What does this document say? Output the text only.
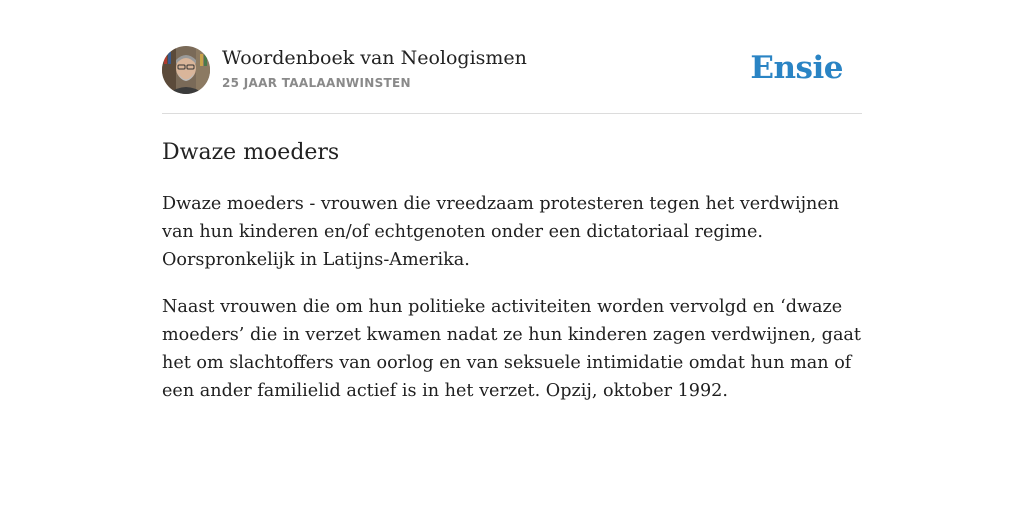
Woordenboek van Neologismen

25 JAAR TAALAANWINSTEN	Ensie
Dwaze moeders

Dwaze moeders - vrouwen die vreedzaam protesteren tegen het verdwijnen van hun kinderen en/of echtgenoten onder een dictatoriaal regime. Oorspronkelijk in Latijns-Amerika.

Naast vrouwen die om hun politieke activiteiten worden vervolgd en ‘dwaze moeders’ die in verzet kwamen nadat ze hun kinderen zagen verdwijnen, gaat het om slachtoffers van oorlog en van seksuele intimidatie omdat hun man of een ander familielid actief is in het verzet. Opzij, oktober 1992.
